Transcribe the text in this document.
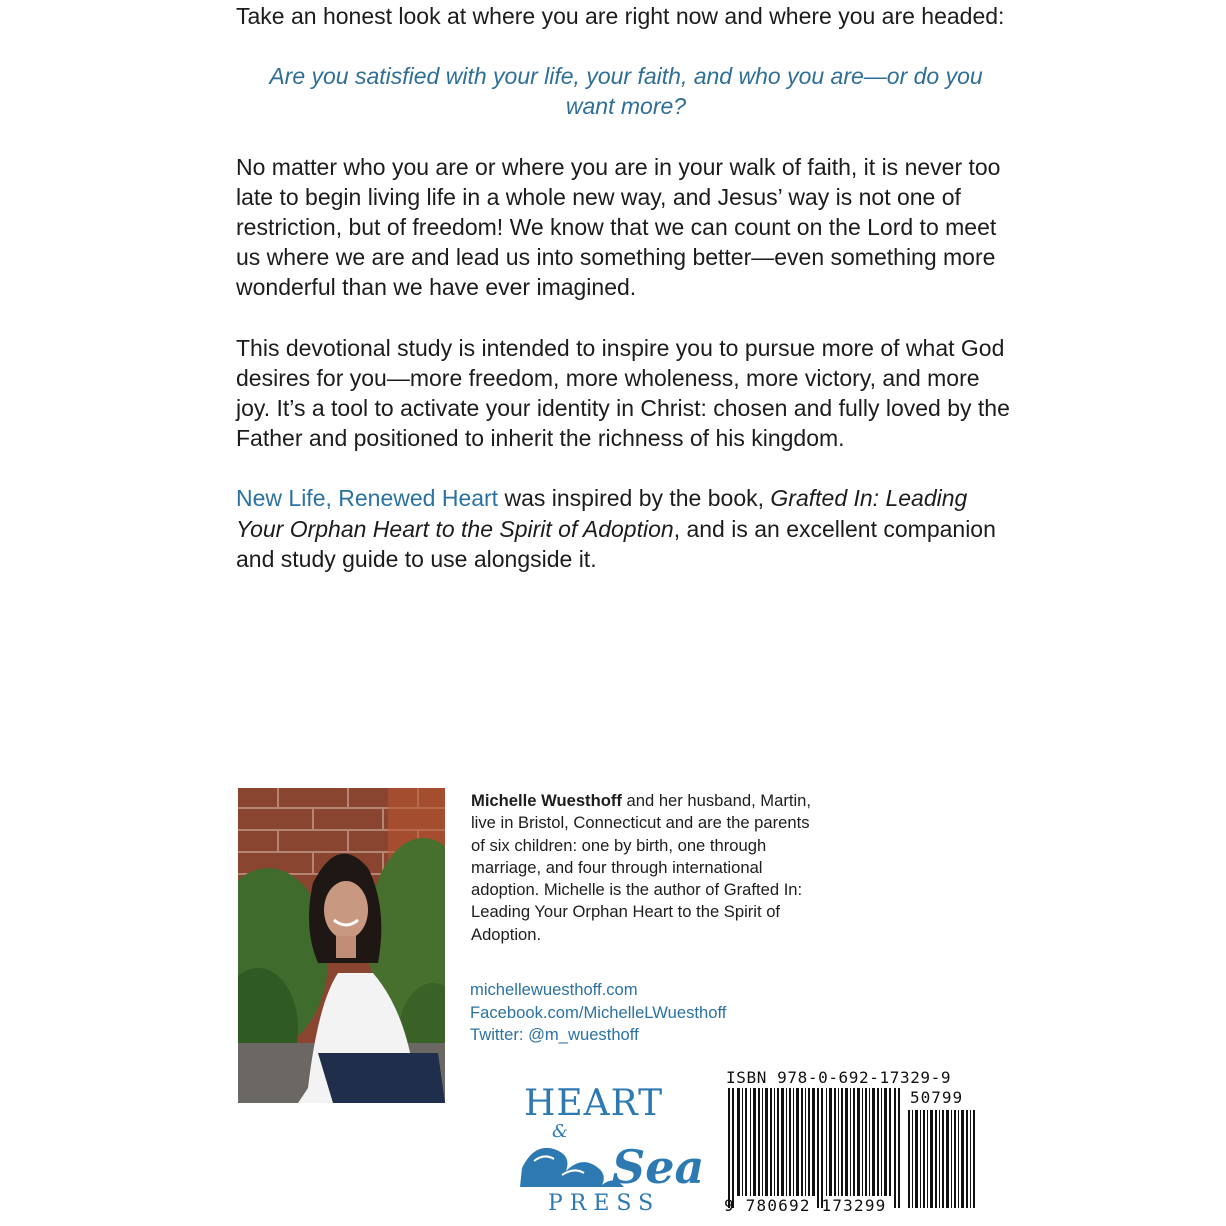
Take an honest look at where you are right now and where you are headed:

Are you satisfied with your life, your faith, and who you are—or do you want more?

No matter who you are or where you are in your walk of faith, it is never too late to begin living life in a whole new way, and Jesus’ way is not one of restriction, but of freedom! We know that we can count on the Lord to meet us where we are and lead us into something better—even something more wonderful than we have ever imagined.

This devotional study is intended to inspire you to pursue more of what God desires for you—more freedom, more wholeness, more victory, and more joy. It’s a tool to activate your identity in Christ: chosen and fully loved by the Father and positioned to inherit the richness of his kingdom.

New Life, Renewed Heart was inspired by the book, Grafted In: Leading Your Orphan Heart to the Spirit of Adoption, and is an excellent companion and study guide to use alongside it.

Michelle Wuesthoff and her husband, Martin, live in Bristol, Connecticut and are the parents of six children: one by birth, one through marriage, and four through international adoption. Michelle is the author of Grafted In: Leading Your Orphan Heart to the Spirit of Adoption.

michellewuesthoff.com
Facebook.com/MichelleLWuesthoff
Twitter: @m_wuesthoff
HEART
&
Sea
PRESS
ISBN 978-0-692-17329-9
50799
9 780692 173299
